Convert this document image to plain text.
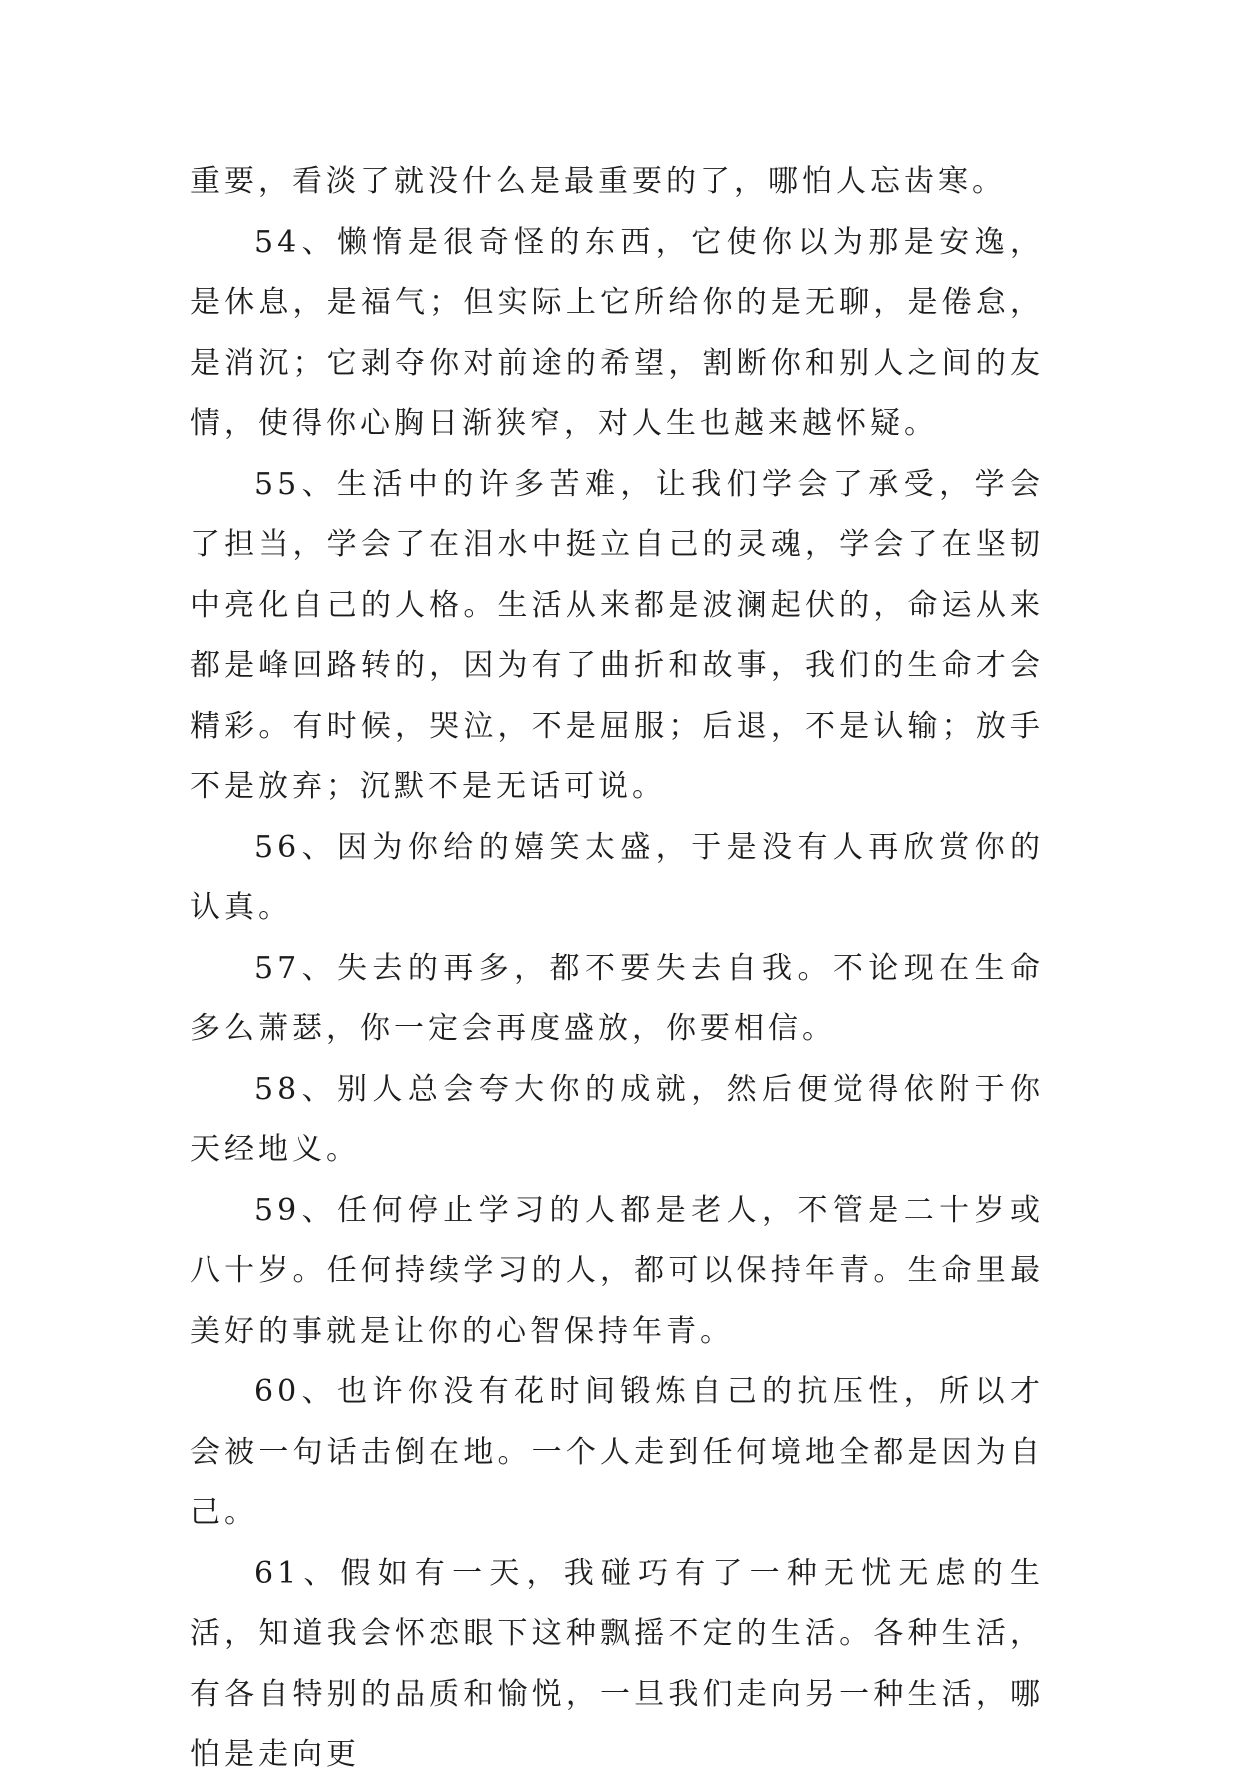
重要，看淡了就没什么是最重要的了，哪怕人忘齿寒。

54、懒惰是很奇怪的东西，它使你以为那是安逸，是休息，是福气；但实际上它所给你的是无聊，是倦怠，是消沉；它剥夺你对前途的希望，割断你和别人之间的友情，使得你心胸日渐狭窄，对人生也越来越怀疑。

55、生活中的许多苦难，让我们学会了承受，学会了担当，学会了在泪水中挺立自己的灵魂，学会了在坚韧中亮化自己的人格。生活从来都是波澜起伏的，命运从来都是峰回路转的，因为有了曲折和故事，我们的生命才会精彩。有时候，哭泣，不是屈服；后退，不是认输；放手不是放弃；沉默不是无话可说。

56、因为你给的嬉笑太盛，于是没有人再欣赏你的认真。

57、失去的再多，都不要失去自我。不论现在生命多么萧瑟，你一定会再度盛放，你要相信。

58、别人总会夸大你的成就，然后便觉得依附于你天经地义。

59、任何停止学习的人都是老人，不管是二十岁或八十岁。任何持续学习的人，都可以保持年青。生命里最美好的事就是让你的心智保持年青。

60、也许你没有花时间锻炼自己的抗压性，所以才会被一句话击倒在地。一个人走到任何境地全都是因为自己。

61、假如有一天，我碰巧有了一种无忧无虑的生活，知道我会怀恋眼下这种飘摇不定的生活。各种生活，有各自特别的品质和愉悦，一旦我们走向另一种生活，哪怕是走向更
